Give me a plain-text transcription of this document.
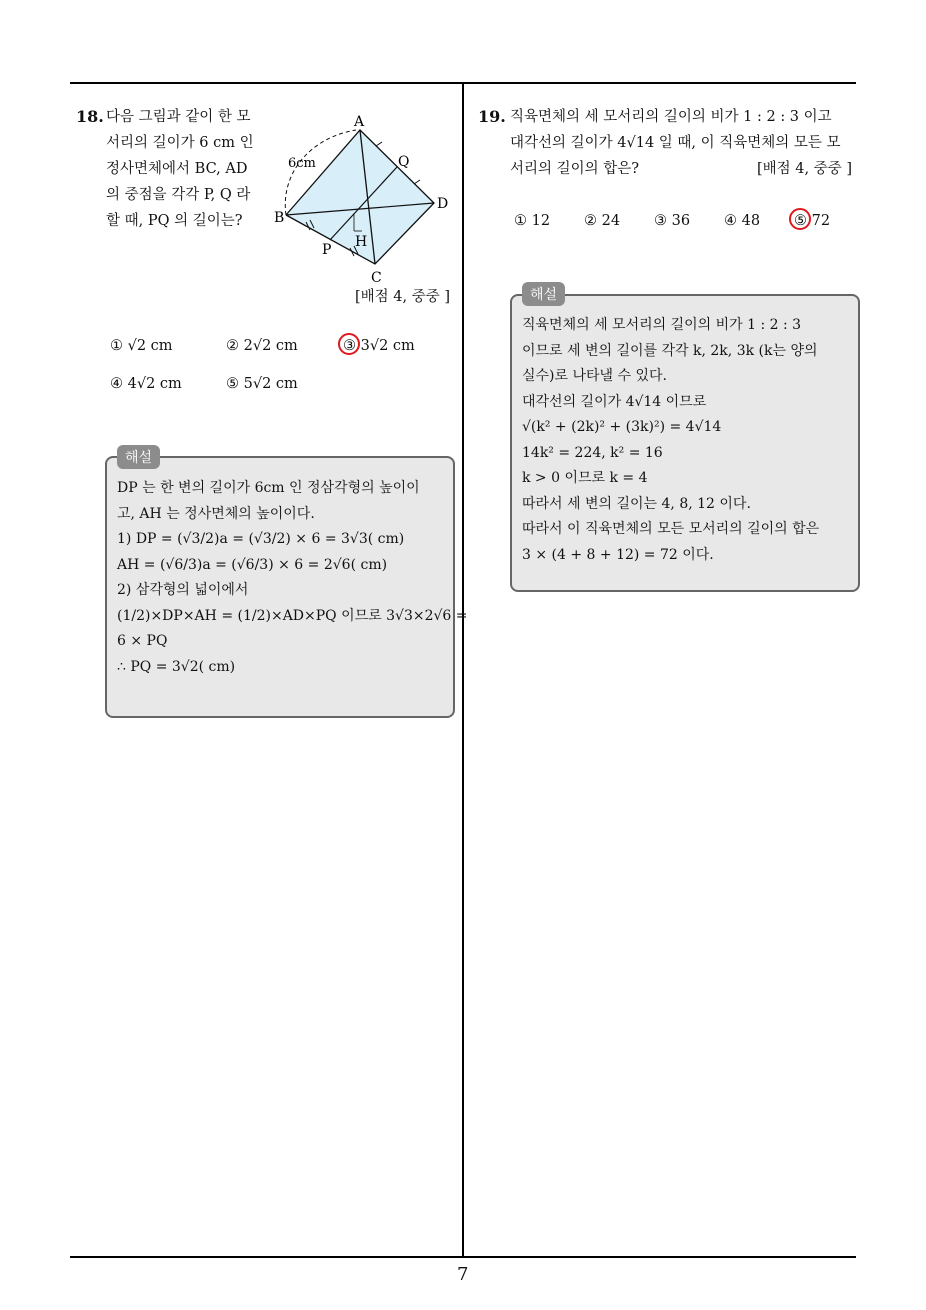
18. 다음 그림과 같이 한 모
서리의 길이가 6 cm 인
정사면체에서 BC, AD
의 중점을 각각 P, Q 라
할 때, PQ 의 길이는?
A
B
C
D
P
Q
H
6cm
[배점 4, 중중 ]
① √2 cm	② 2√2 cm	③ 3√2 cm
④ 4√2 cm	⑤ 5√2 cm
해설
DP 는 한 변의 길이가 6cm 인 정삼각형의 높이이
고, AH 는 정사면체의 높이이다.
1) DP = (√3/2)a = (√3/2) × 6 = 3√3( cm)
AH = (√6/3)a = (√6/3) × 6 = 2√6( cm)
2) 삼각형의 넓이에서
(1/2)×DP×AH = (1/2)×AD×PQ 이므로 3√3×2√6 =
6 × PQ
∴ PQ = 3√2( cm)
19. 직육면체의 세 모서리의 길이의 비가 1 : 2 : 3 이고
대각선의 길이가 4√14 일 때, 이 직육면체의 모든 모
서리의 길이의 합은?	[배점 4, 중중 ]
① 12 ② 24 ③ 36 ④ 48 ⑤ 72
해설
직육면체의 세 모서리의 길이의 비가 1 : 2 : 3
이므로 세 변의 길이를 각각 k, 2k, 3k (k는 양의
실수)로 나타낼 수 있다.
대각선의 길이가 4√14 이므로
√(k² + (2k)² + (3k)²) = 4√14
14k² = 224, k² = 16
k > 0 이므로 k = 4
따라서 세 변의 길이는 4, 8, 12 이다.
따라서 이 직육면체의 모든 모서리의 길이의 합은
3 × (4 + 8 + 12) = 72 이다.
7
